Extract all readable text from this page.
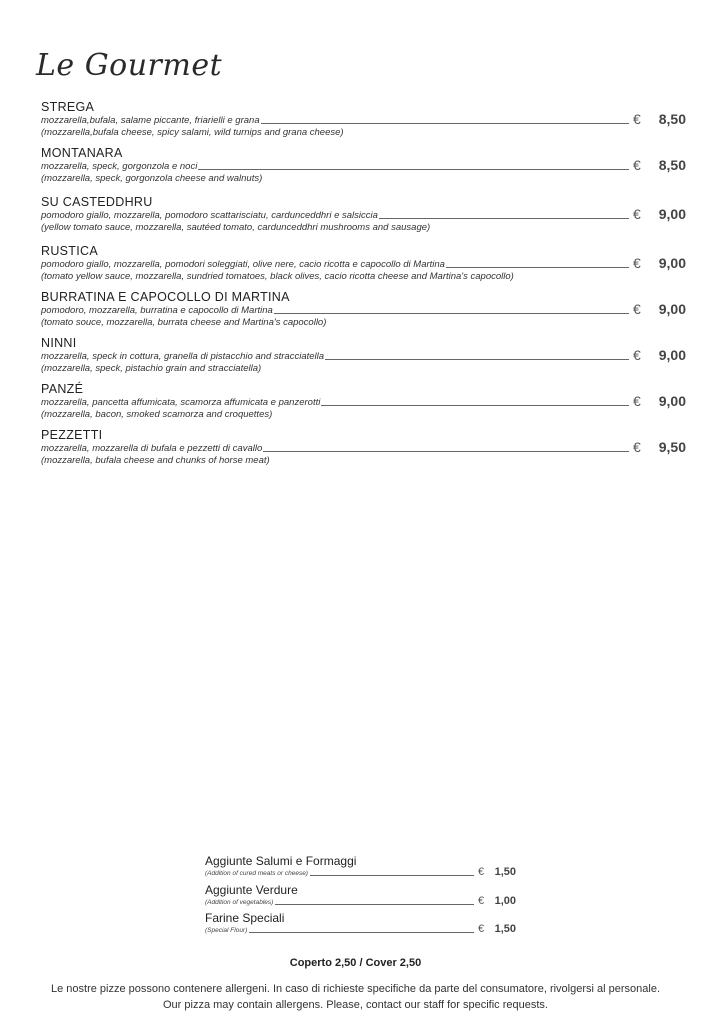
Le Gourmet
STREGA
mozzarella,bufala, salame piccante, friarielli e grana	€	8,50
(mozzarella,bufala cheese, spicy salami, wild turnips and grana cheese)
MONTANARA
mozzarella, speck, gorgonzola e noci	€	8,50
(mozzarella, speck, gorgonzola cheese and walnuts)
SU CASTEDDHRU
pomodoro giallo, mozzarella, pomodoro scattarisciatu, cardunceddhri e salsiccia	€	9,00
(yellow tomato sauce, mozzarella, sautéed tomato, cardunceddhri mushrooms and sausage)
RUSTICA
pomodoro giallo, mozzarella, pomodori soleggiati, olive nere, cacio ricotta e capocollo di Martina	€	9,00
(tomato yellow sauce, mozzarella, sundried tomatoes, black olives, cacio ricotta cheese and Martina's capocollo)
BURRATINA E CAPOCOLLO DI MARTINA
pomodoro, mozzarella, burratina e capocollo di Martina	€	9,00
(tomato souce, mozzarella, burrata cheese and Martina's capocollo)
NINNI
mozzarella, speck in cottura, granella di pistacchio and stracciatella	€	9,00
(mozzarella, speck, pistachio grain and stracciatella)
PANZÉ
mozzarella, pancetta affumicata, scamorza affumicata e panzerotti	€	9,00
(mozzarella, bacon, smoked scamorza and croquettes)
PEZZETTI
mozzarella, mozzarella di bufala e pezzetti di cavallo	€	9,50
(mozzarella, bufala cheese and chunks of horse meat)
Aggiunte Salumi e Formaggi
(Addition of cured meats or cheese)	€ 1,50
Aggiunte Verdure
(Addition of vegetables)	€ 1,00
Farine Speciali
(Special Flour)	€ 1,50
Coperto 2,50 / Cover 2,50
Le nostre pizze possono contenere allergeni. In caso di richieste specifiche da parte del consumatore, rivolgersi al personale.
Our pizza may contain allergens. Please, contact our staff for specific requests.
